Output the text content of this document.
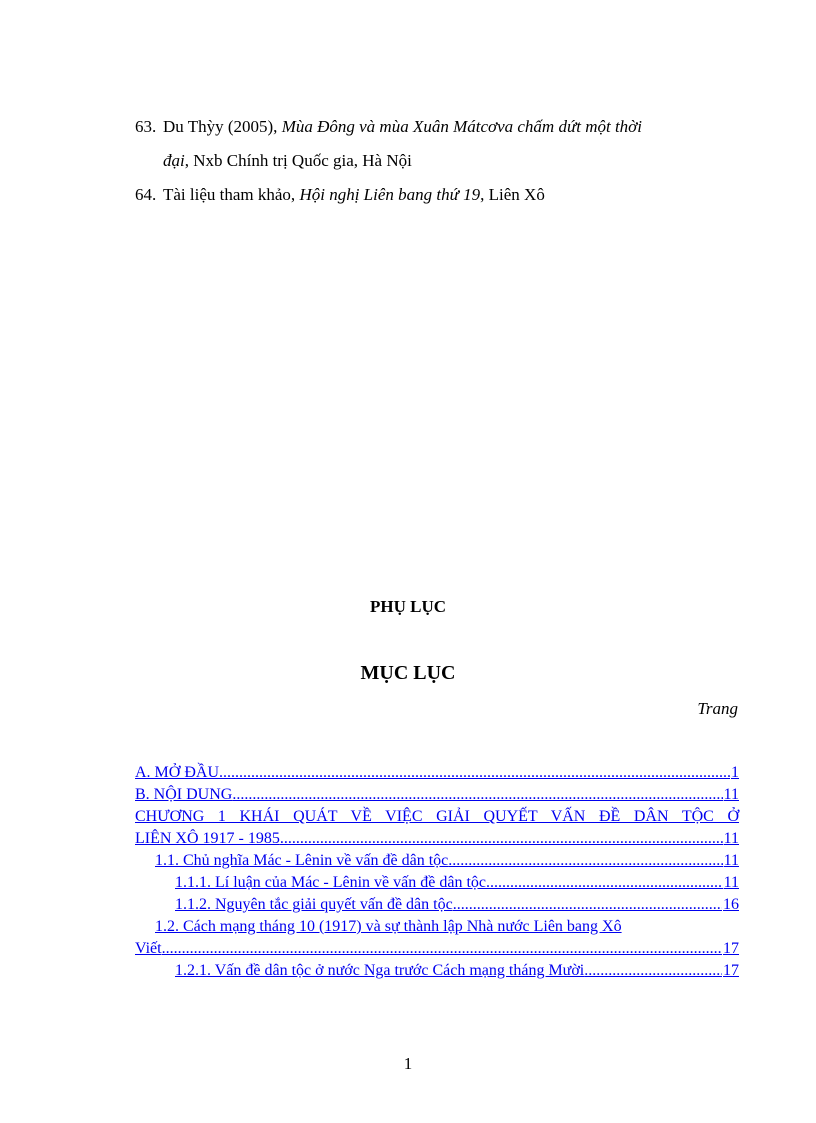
63. Du Thỳy (2005), Mùa Đông và mùa Xuân Mátcơva chấm dứt một thời
đại, Nxb Chính trị Quốc gia, Hà Nội
64. Tài liệu tham khảo, Hội nghị Liên bang thứ 19, Liên Xô
PHỤ LỤC
MỤC LỤC
Trang
A. MỞ ĐẦU .....	1
B. NỘI DUNG .....	11
CHƯƠNG 1 KHÁI QUÁT VỀ VIỆC GIẢI QUYẾT VẤN ĐỀ DÂN TỘC Ở
LIÊN XÔ 1917 - 1985 .....	11
1.1. Chủ nghĩa Mác - Lênin về vấn đề dân tộc .....	11
1.1.1. Lí luận của Mác - Lênin về vấn đề dân tộc .....	11
1.1.2. Nguyên tắc giải quyết vấn đề dân tộc .....	16
1.2. Cách mạng tháng 10 (1917) và sự thành lập Nhà nước Liên bang Xô
Viết .....	17
1.2.1. Vấn đề dân tộc ở nước Nga trước Cách mạng tháng Mười .....	17
1
